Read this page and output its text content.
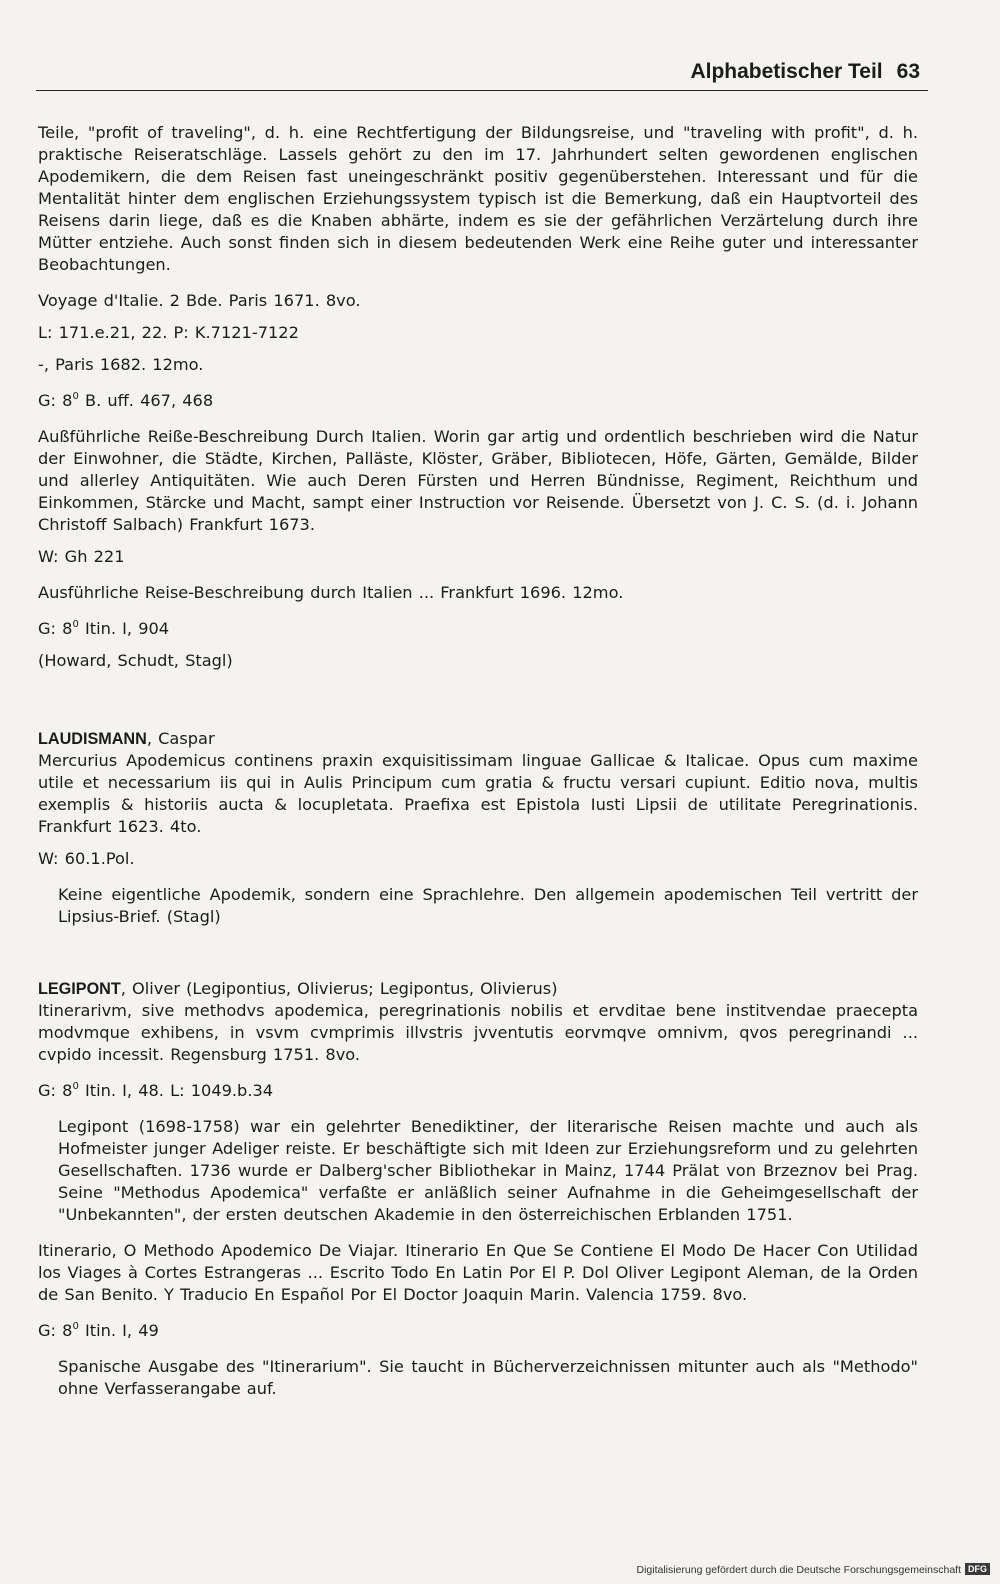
Alphabetischer Teil 63

Teile, "profit of traveling", d. h. eine Rechtfertigung der Bildungsreise, und "traveling with profit", d. h. praktische Reiseratschläge. Lassels gehört zu den im 17. Jahrhundert selten gewordenen englischen Apodemikern, die dem Reisen fast uneingeschränkt positiv gegenüberstehen. Interessant und für die Mentalität hinter dem englischen Erziehungssystem typisch ist die Bemerkung, daß ein Hauptvorteil des Reisens darin liege, daß es die Knaben abhärte, indem es sie der gefährlichen Verzärtelung durch ihre Mütter entziehe. Auch sonst finden sich in diesem bedeutenden Werk eine Reihe guter und interessanter Beobachtungen.

Voyage d'Italie. 2 Bde. Paris 1671. 8vo.

L: 171.e.21, 22. P: K.7121-7122

-, Paris 1682. 12mo.

G: $8^0$ B. uff. 467, 468

Außführliche Reiße-Beschreibung Durch Italien. Worin gar artig und ordentlich beschrieben wird die Natur der Einwohner, die Städte, Kirchen, Palläste, Klöster, Gräber, Bibliotecen, Höfe, Gärten, Gemälde, Bilder und allerley Antiquitäten. Wie auch Deren Fürsten und Herren Bündnisse, Regiment, Reichthum und Einkommen, Stärcke und Macht, sampt einer Instruction vor Reisende. Übersetzt von J. C. S. (d. i. Johann Christoff Salbach) Frankfurt 1673.

W: Gh 221

Ausführliche Reise-Beschreibung durch Italien ... Frankfurt 1696. 12mo.

G: $8^0$ Itin. I, 904

(Howard, Schudt, Stagl)

LAUDISMANN, Caspar

Mercurius Apodemicus continens praxin exquisitissimam linguae Gallicae & Italicae. Opus cum maxime utile et necessarium iis qui in Aulis Principum cum gratia & fructu versari cupiunt. Editio nova, multis exemplis & historiis aucta & locupletata. Praefixa est Epistola Iusti Lipsii de utilitate Peregrinationis. Frankfurt 1623. 4to.

W: 60.1.Pol.

Keine eigentliche Apodemik, sondern eine Sprachlehre. Den allgemein apodemischen Teil vertritt der Lipsius-Brief. (Stagl)

LEGIPONT, Oliver (Legipontius, Olivierus; Legipontus, Olivierus)

Itinerarivm, sive methodvs apodemica, peregrinationis nobilis et ervditae bene institvendae praecepta modvmque exhibens, in vsvm cvmprimis illvstris jvventutis eorvmqve omnivm, qvos peregrinandi ... cvpido incessit. Regensburg 1751. 8vo.

G: $8^0$ Itin. I, 48. L: 1049.b.34

Legipont (1698-1758) war ein gelehrter Benediktiner, der literarische Reisen machte und auch als Hofmeister junger Adeliger reiste. Er beschäftigte sich mit Ideen zur Erziehungsreform und zu gelehrten Gesellschaften. 1736 wurde er Dalberg'scher Bibliothekar in Mainz, 1744 Prälat von Brzeznov bei Prag. Seine "Methodus Apodemica" verfaßte er anläßlich seiner Aufnahme in die Geheimgesellschaft der "Unbekannten", der ersten deutschen Akademie in den österreichischen Erblanden 1751.

Itinerario, O Methodo Apodemico De Viajar. Itinerario En Que Se Contiene El Modo De Hacer Con Utilidad los Viages à Cortes Estrangeras ... Escrito Todo En Latin Por El P. Dol Oliver Legipont Aleman, de la Orden de San Benito. Y Traducio En Español Por El Doctor Joaquin Marin. Valencia 1759. 8vo.

G: $8^0$ Itin. I, 49

Spanische Ausgabe des "Itinerarium". Sie taucht in Bücherverzeichnissen mitunter auch als "Methodo" ohne Verfasserangabe auf.

Digitalisierung gefördert durch die Deutsche Forschungsgemeinschaft DFG
